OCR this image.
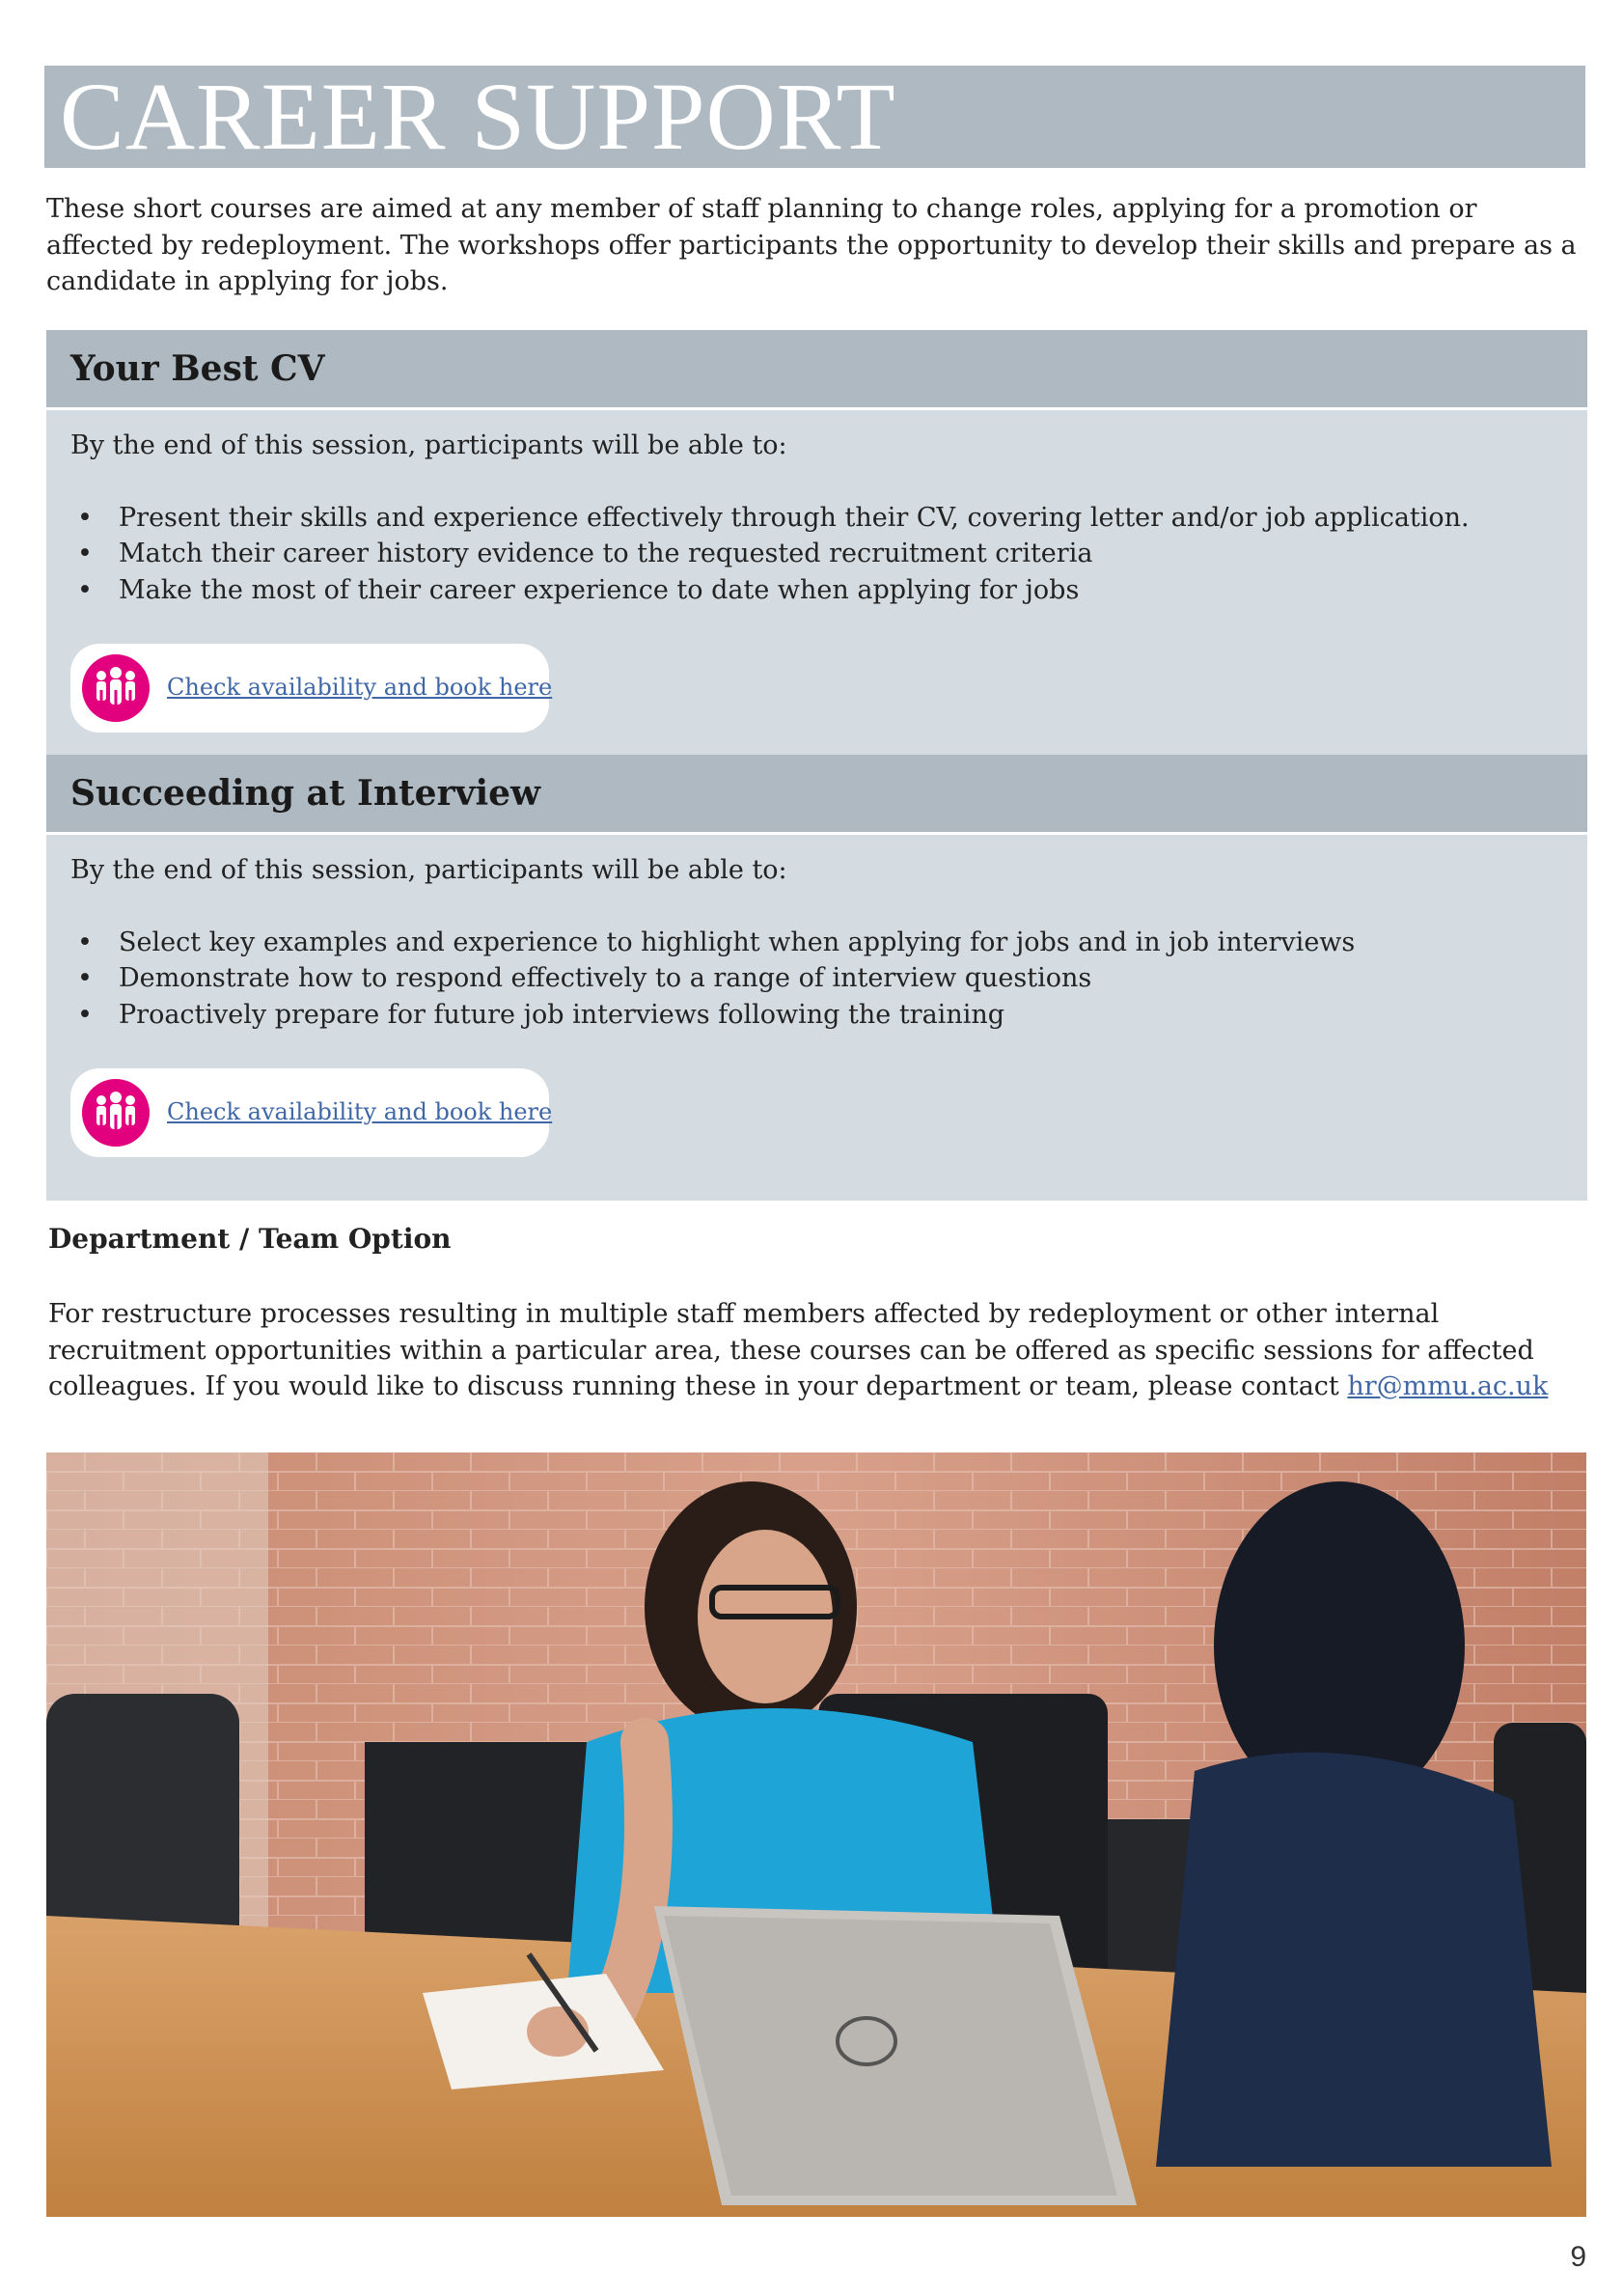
CAREER SUPPORT
These short courses are aimed at any member of staff planning to change roles, applying for a promotion or affected by redeployment. The workshops offer participants the opportunity to develop their skills and prepare as a candidate in applying for jobs.
Your Best CV

By the end of this session, participants will be able to:

• Present their skills and experience effectively through their CV, covering letter and/or job application.
• Match their career history evidence to the requested recruitment criteria
• Make the most of their career experience to date when applying for jobs
Check availability and book here
Succeeding at Interview

By the end of this session, participants will be able to:

• Select key examples and experience to highlight when applying for jobs and in job interviews
• Demonstrate how to respond effectively to a range of interview questions
• Proactively prepare for future job interviews following the training
Check availability and book here
Department / Team Option
For restructure processes resulting in multiple staff members affected by redeployment or other internal recruitment opportunities within a particular area, these courses can be offered as specific sessions for affected colleagues. If you would like to discuss running these in your department or team, please contact hr@mmu.ac.uk
9
